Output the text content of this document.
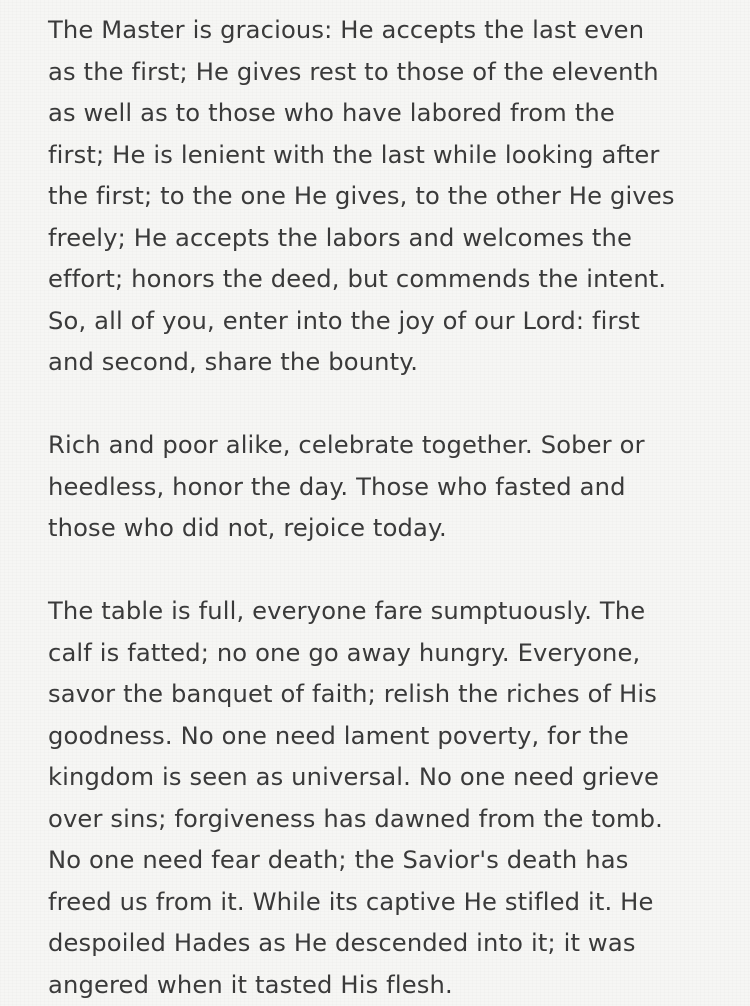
The Master is gracious: He accepts the last even

as the first; He gives rest to those of the eleventh

as well as to those who have labored from the

first; He is lenient with the last while looking after

the first; to the one He gives, to the other He gives

freely; He accepts the labors and welcomes the

effort; honors the deed, but commends the intent.

So, all of you, enter into the joy of our Lord: first

and second, share the bounty.

Rich and poor alike, celebrate together. Sober or

heedless, honor the day. Those who fasted and

those who did not, rejoice today.

The table is full, everyone fare sumptuously. The

calf is fatted; no one go away hungry. Everyone,

savor the banquet of faith; relish the riches of His

goodness. No one need lament poverty, for the

kingdom is seen as universal. No one need grieve

over sins; forgiveness has dawned from the tomb.

No one need fear death; the Savior's death has

freed us from it. While its captive He stifled it. He

despoiled Hades as He descended into it; it was

angered when it tasted His flesh.
